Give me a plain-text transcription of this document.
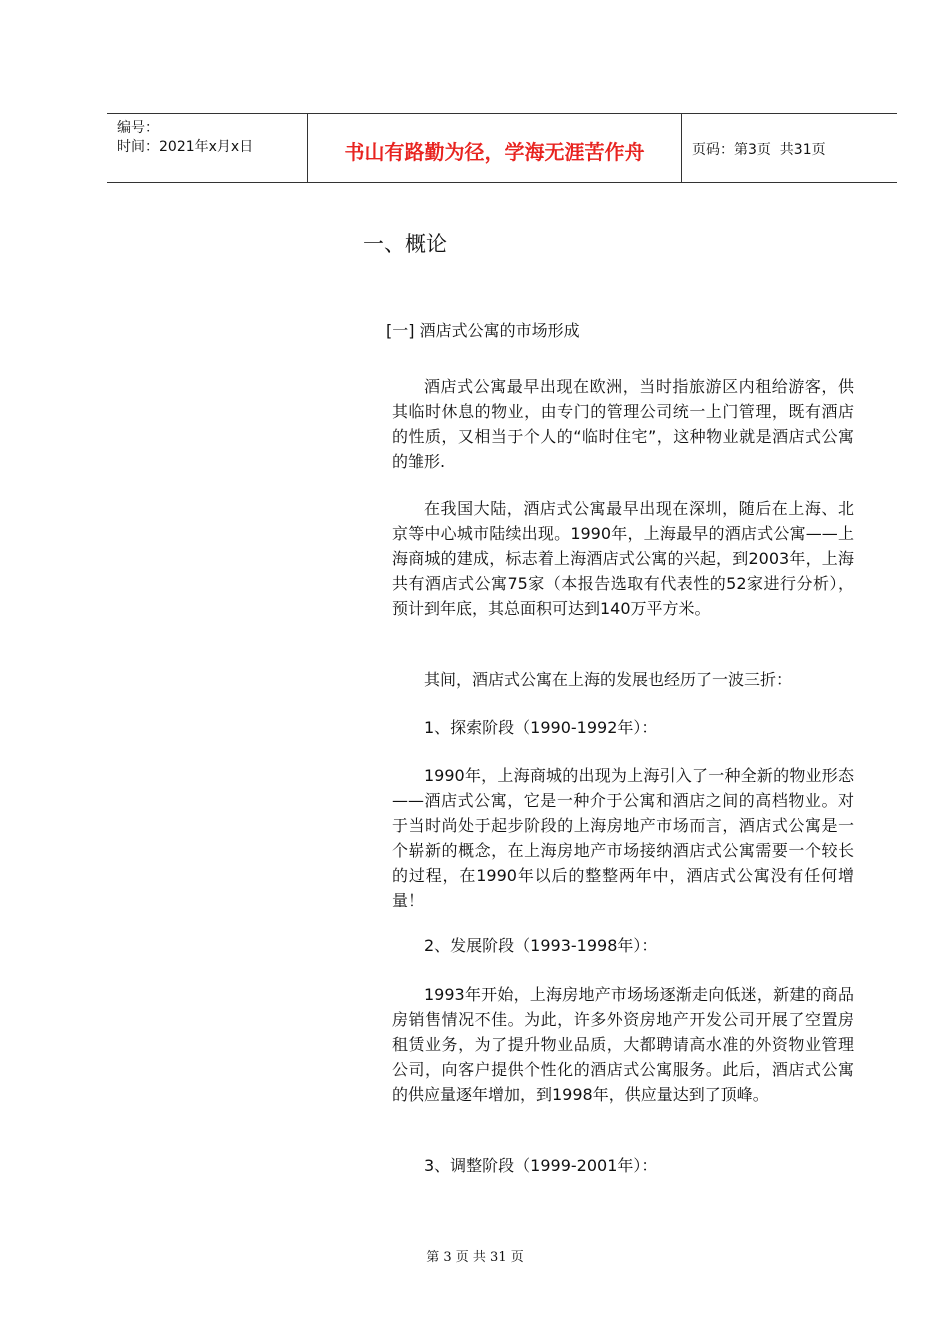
编号：
时间：2021年x月x日	书山有路勤为径，学海无涯苦作舟	页码：第3页  共31页
一、概论
[一] 酒店式公寓的市场形成

酒店式公寓最早出现在欧洲，当时指旅游区内租给游客，供其临时休息的物业，由专门的管理公司统一上门管理，既有酒店的性质，又相当于个人的“临时住宅”，这种物业就是酒店式公寓的雏形.

在我国大陆，酒店式公寓最早出现在深圳，随后在上海、北京等中心城市陆续出现。1990年，上海最早的酒店式公寓——上海商城的建成，标志着上海酒店式公寓的兴起，到2003年，上海共有酒店式公寓75家（本报告选取有代表性的52家进行分析），预计到年底，其总面积可达到140万平方米。

其间，酒店式公寓在上海的发展也经历了一波三折：

1、探索阶段（1990-1992年）：

1990年，上海商城的出现为上海引入了一种全新的物业形态——酒店式公寓，它是一种介于公寓和酒店之间的高档物业。对于当时尚处于起步阶段的上海房地产市场而言，酒店式公寓是一个崭新的概念，在上海房地产市场接纳酒店式公寓需要一个较长的过程，在1990年以后的整整两年中，酒店式公寓没有任何增量！

2、发展阶段（1993-1998年）：

1993年开始，上海房地产市场场逐渐走向低迷，新建的商品房销售情况不佳。为此，许多外资房地产开发公司开展了空置房租赁业务，为了提升物业品质，大都聘请高水准的外资物业管理公司，向客户提供个性化的酒店式公寓服务。此后，酒店式公寓的供应量逐年增加，到1998年，供应量达到了顶峰。

3、调整阶段（1999-2001年）：

第 3 页 共 31 页
